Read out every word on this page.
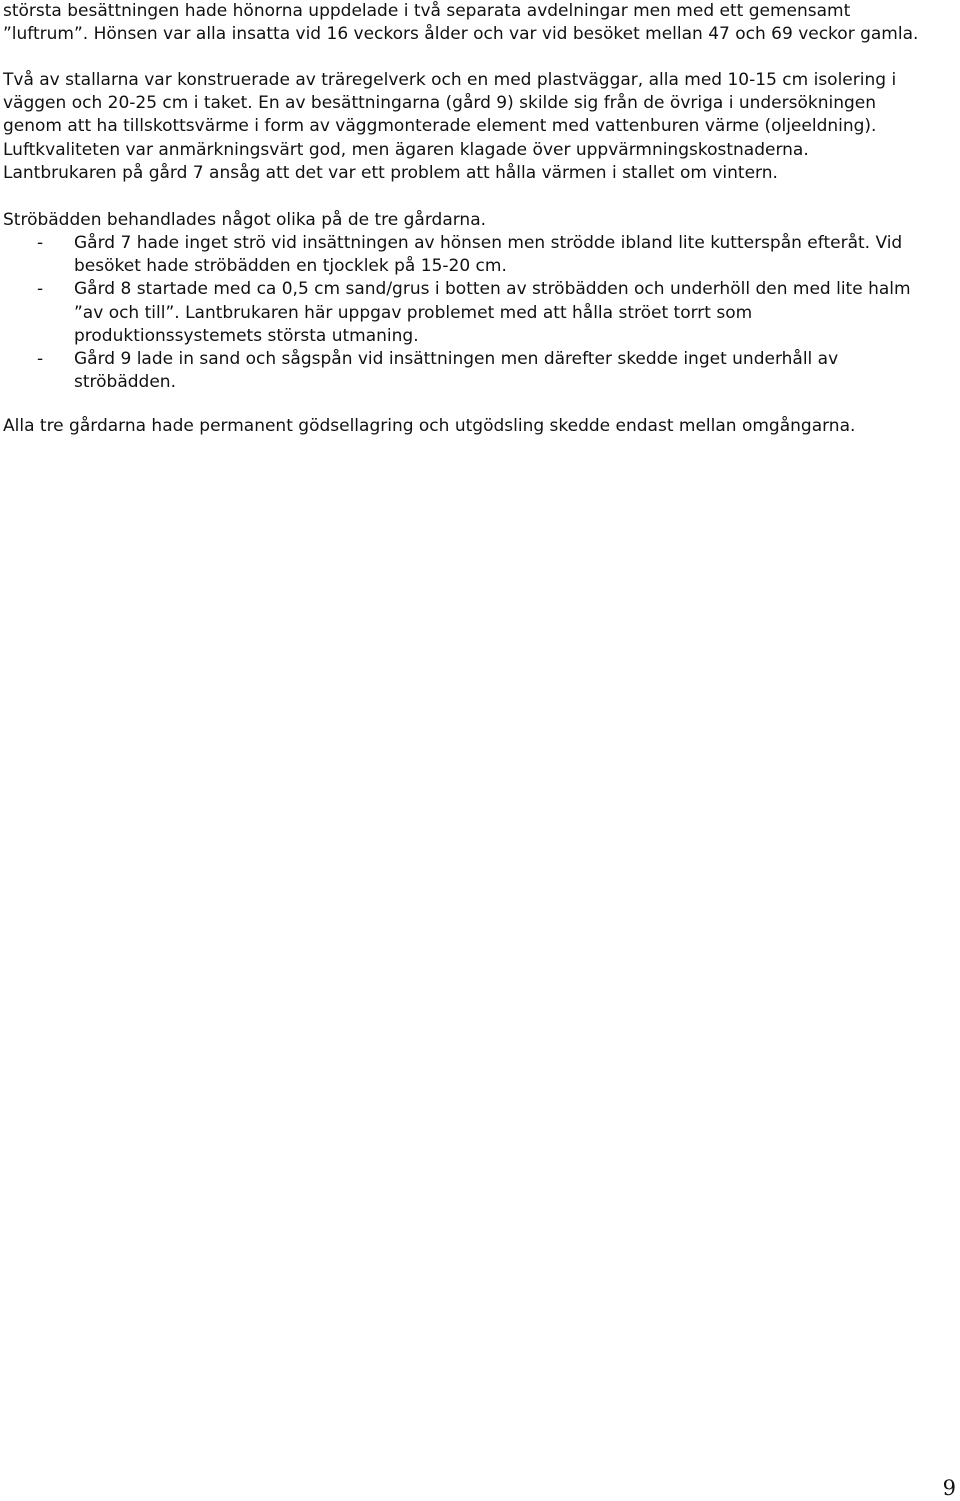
största besättningen hade hönorna uppdelade i två separata avdelningar men med ett gemensamt
”luftrum”. Hönsen var alla insatta vid 16 veckors ålder och var vid besöket mellan 47 och 69 veckor gamla.

Två av stallarna var konstruerade av träregelverk och en med plastväggar, alla med 10-15 cm isolering i
väggen och 20-25 cm i taket. En av besättningarna (gård 9) skilde sig från de övriga i undersökningen
genom att ha tillskottsvärme i form av väggmonterade element med vattenburen värme (oljeeldning).
Luftkvaliteten var anmärkningsvärt god, men ägaren klagade över uppvärmningskostnaderna.
Lantbrukaren på gård 7 ansåg att det var ett problem att hålla värmen i stallet om vintern.

Ströbädden behandlades något olika på de tre gårdarna.

-	Gård 7 hade inget strö vid insättningen av hönsen men strödde ibland lite kutterspån efteråt. Vid
besöket hade ströbädden en tjocklek på 15-20 cm.
-	Gård 8 startade med ca 0,5 cm sand/grus i botten av ströbädden och underhöll den med lite halm
”av och till”. Lantbrukaren här uppgav problemet med att hålla ströet torrt som
produktionssystemets största utmaning.
-	Gård 9 lade in sand och sågspån vid insättningen men därefter skedde inget underhåll av
ströbädden.

Alla tre gårdarna hade permanent gödsellagring och utgödsling skedde endast mellan omgångarna.

9
